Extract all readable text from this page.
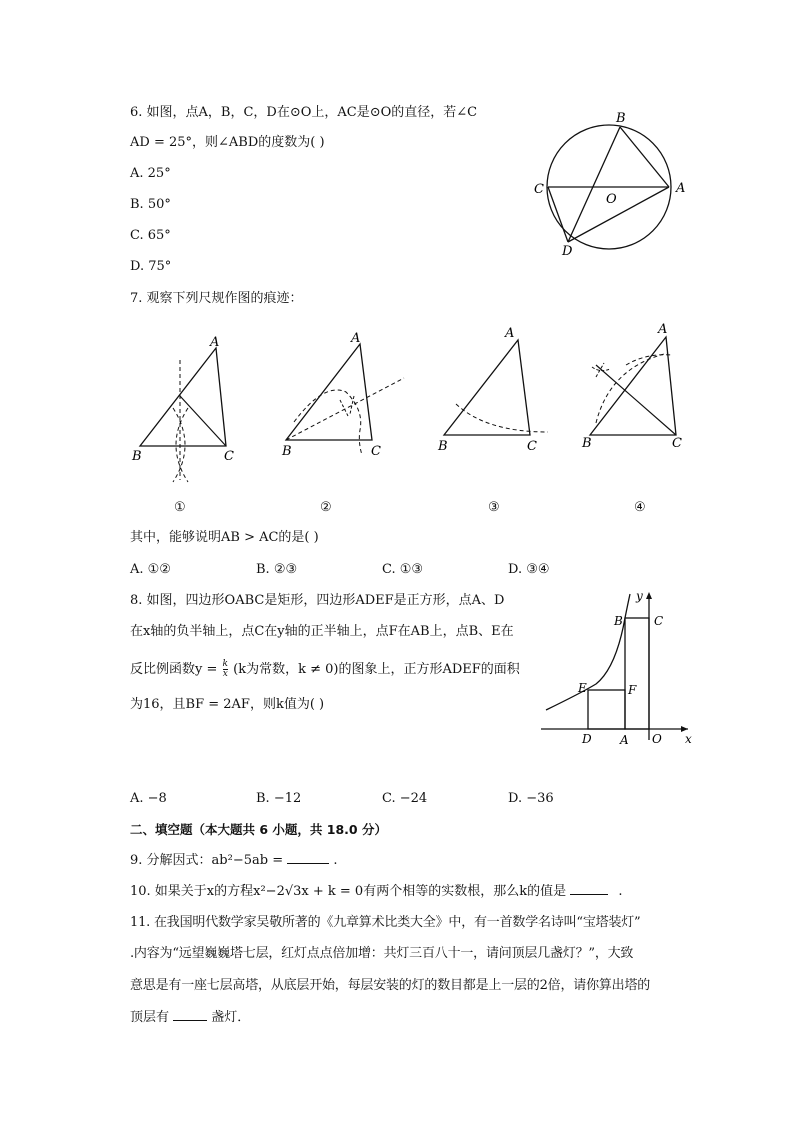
6. 如图，点A，B，C，D在⊙O上，AC是⊙O的直径，若∠C
AD = 25°，则∠ABD的度数为( )
A. 25°
B. 50°
C. 65°
D. 75°
B
C
O
A
D
7. 观察下列尺规作图的痕迹：
A
B	C
A
B	C
A
B	C
A
B	C
①	②	③	④
其中，能够说明AB > AC的是( )
A. ①②	B. ②③	C. ①③	D. ③④
8. 如图，四边形OABC是矩形，四边形ADEF是正方形，点A、D
在x轴的负半轴上，点C在y轴的正半轴上，点F在AB上，点B、E在
反比例函数$y = \frac{k}{x} (k$为常数，k ≠ 0)的图象上，正方形ADEF的面积
为16，且BF = 2AF，则k值为( )
y
B	C
E	F
D A O x
A. −8	B. −12	C. −24	D. −36
二、填空题（本大题共 6 小题，共 18.0 分）
9. 分解因式：ab²−5ab =	.
10. 如果关于x的方程x²−2√3x + k = 0有两个相等的实数根，那么k的值是	.
11. 在我国明代数学家吴敬所著的《九章算术比类大全》中，有一首数学名诗叫“宝塔装灯”
.内容为“远望巍巍塔七层，红灯点点倍加增：共灯三百八十一，请问顶层几盏灯？”，大致
意思是有一座七层高塔，从底层开始，每层安装的灯的数目都是上一层的2倍，请你算出塔的
顶层有	盏灯．
